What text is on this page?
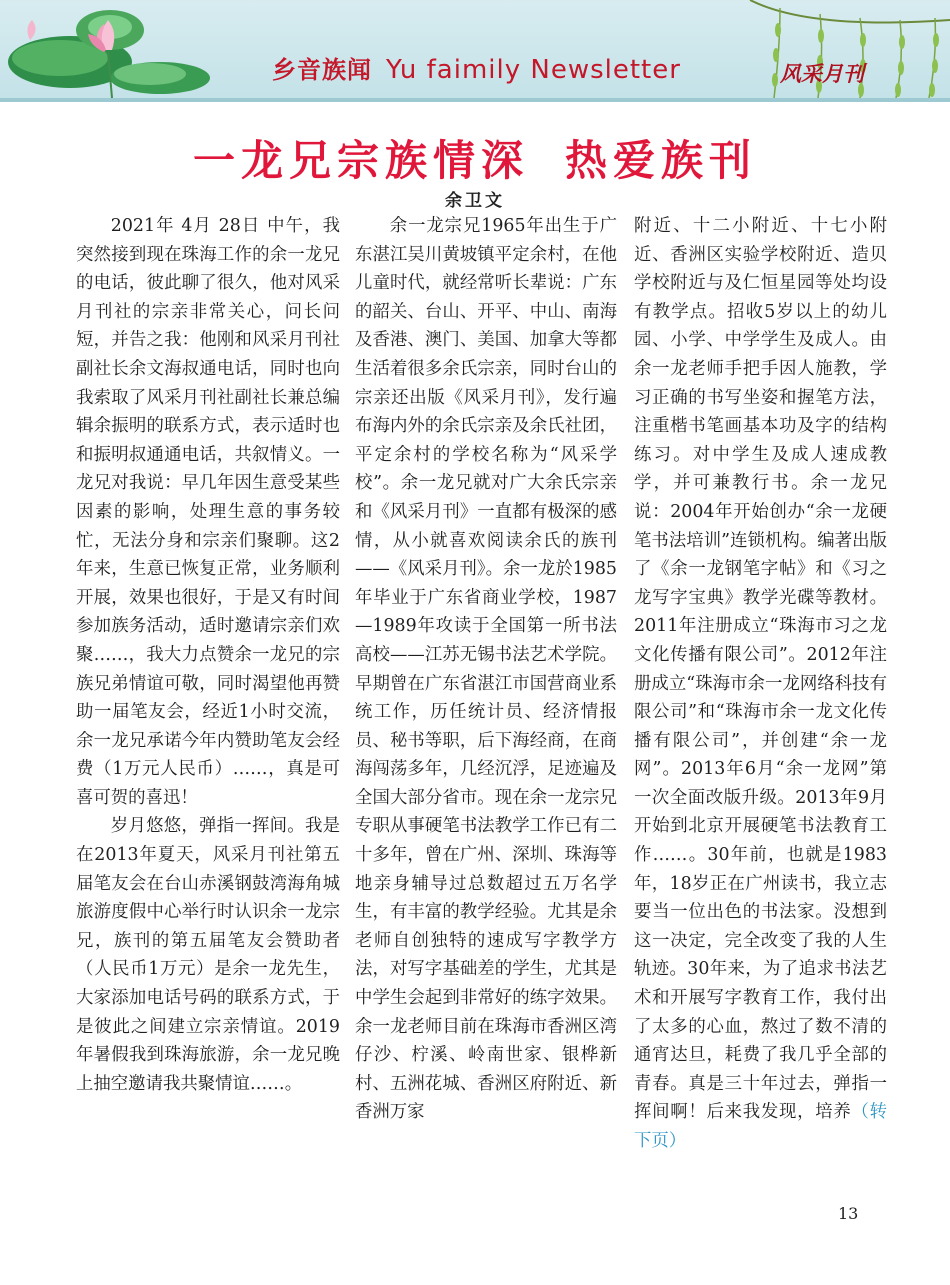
乡音族闻 Yu faimily Newsletter	风采月刊
一龙兄宗族情深 热爱族刊
余卫文

2021年 4月 28日 中午，我突然接到现在珠海工作的余一龙兄的电话，彼此聊了很久，他对风采月刊社的宗亲非常关心，问长问短，并告之我：他刚和风采月刊社副社长余文海叔通电话，同时也向我索取了风采月刊社副社长兼总编辑余振明的联系方式，表示适时也和振明叔通通电话，共叙情义。一龙兄对我说：早几年因生意受某些因素的影响，处理生意的事务较忙，无法分身和宗亲们聚聊。这2年来，生意已恢复正常，业务顺利开展，效果也很好，于是又有时间参加族务活动，适时邀请宗亲们欢聚……，我大力点赞余一龙兄的宗族兄弟情谊可敬，同时渴望他再赞助一届笔友会，经近1小时交流，余一龙兄承诺今年内赞助笔友会经费（1万元人民币）……，真是可喜可贺的喜迅！

岁月悠悠，弹指一挥间。我是在2013年夏天，风采月刊社第五届笔友会在台山赤溪钢鼓湾海角城旅游度假中心举行时认识余一龙宗兄，族刊的第五届笔友会赞助者（人民币1万元）是余一龙先生，大家添加电话号码的联系方式，于是彼此之间建立宗亲情谊。2019年暑假我到珠海旅游，余一龙兄晚上抽空邀请我共聚情谊……。

余一龙宗兄1965年出生于广东湛江吴川黄坡镇平定余村，在他儿童时代，就经常听长辈说：广东的韶关、台山、开平、中山、南海及香港、澳门、美国、加拿大等都生活着很多余氏宗亲，同时台山的宗亲还出版《风采月刊》，发行遍布海内外的余氏宗亲及余氏社团，平定余村的学校名称为“风采学校”。余一龙兄就对广大余氏宗亲和《风采月刊》一直都有极深的感情，从小就喜欢阅读余氏的族刊——《风采月刊》。余一龙於1985年毕业于广东省商业学校，1987—1989年攻读于全国第一所书法高校——江苏无锡书法艺术学院。早期曾在广东省湛江市国营商业系统工作，历任统计员、经济情报员、秘书等职，后下海经商，在商海闯荡多年，几经沉浮，足迹遍及全国大部分省市。现在余一龙宗兄专职从事硬笔书法教学工作已有二十多年，曾在广州、深圳、珠海等地亲身辅导过总数超过五万名学生，有丰富的教学经验。尤其是余老师自创独特的速成写字教学方法，对写字基础差的学生，尤其是中学生会起到非常好的练字效果。余一龙老师目前在珠海市香洲区湾仔沙、柠溪、岭南世家、银桦新村、五洲花城、香洲区府附近、新香洲万家

附近、十二小附近、十七小附近、香洲区实验学校附近、造贝学校附近与及仁恒星园等处均设有教学点。招收5岁以上的幼儿园、小学、中学学生及成人。由余一龙老师手把手因人施教，学习正确的书写坐姿和握笔方法，注重楷书笔画基本功及字的结构练习。对中学生及成人速成教学，并可兼教行书。余一龙兄说：2004年开始创办“余一龙硬笔书法培训”连锁机构。编著出版了《余一龙钢笔字帖》和《习之龙写字宝典》教学光碟等教材。2011年注册成立“珠海市习之龙文化传播有限公司”。2012年注册成立“珠海市余一龙网络科技有限公司”和“珠海市余一龙文化传播有限公司”，并创建“余一龙网”。2013年6月“余一龙网”第一次全面改版升级。2013年9月开始到北京开展硬笔书法教育工作……。30年前，也就是1983年，18岁正在广州读书，我立志要当一位出色的书法家。没想到这一决定，完全改变了我的人生轨迹。30年来，为了追求书法艺术和开展写字教育工作，我付出了太多的心血，熬过了数不清的通宵达旦，耗费了我几乎全部的青春。真是三十年过去，弹指一挥间啊！后来我发现，培养（转下页）

13
